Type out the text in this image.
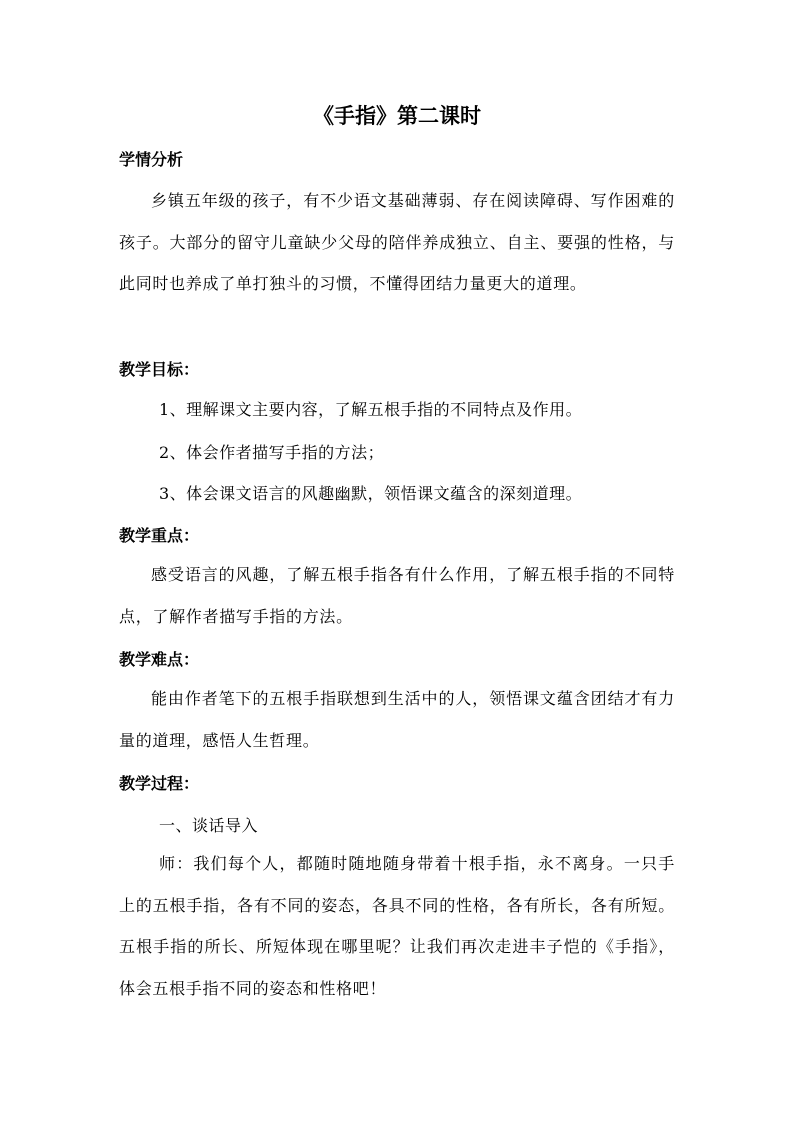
《手指》第二课时
学情分析
乡镇五年级的孩子，有不少语文基础薄弱、存在阅读障碍、写作困难的孩子。大部分的留守儿童缺少父母的陪伴养成独立、自主、要强的性格，与此同时也养成了单打独斗的习惯，不懂得团结力量更大的道理。
教学目标：
1、理解课文主要内容，了解五根手指的不同特点及作用。
2、体会作者描写手指的方法；
3、体会课文语言的风趣幽默，领悟课文蕴含的深刻道理。
教学重点：
感受语言的风趣，了解五根手指各有什么作用，了解五根手指的不同特点，了解作者描写手指的方法。
教学难点：
能由作者笔下的五根手指联想到生活中的人，领悟课文蕴含团结才有力量的道理，感悟人生哲理。
教学过程：
一、谈话导入
师：我们每个人，都随时随地随身带着十根手指，永不离身。一只手上的五根手指，各有不同的姿态，各具不同的性格，各有所长，各有所短。五根手指的所长、所短体现在哪里呢？让我们再次走进丰子恺的《手指》，体会五根手指不同的姿态和性格吧！
